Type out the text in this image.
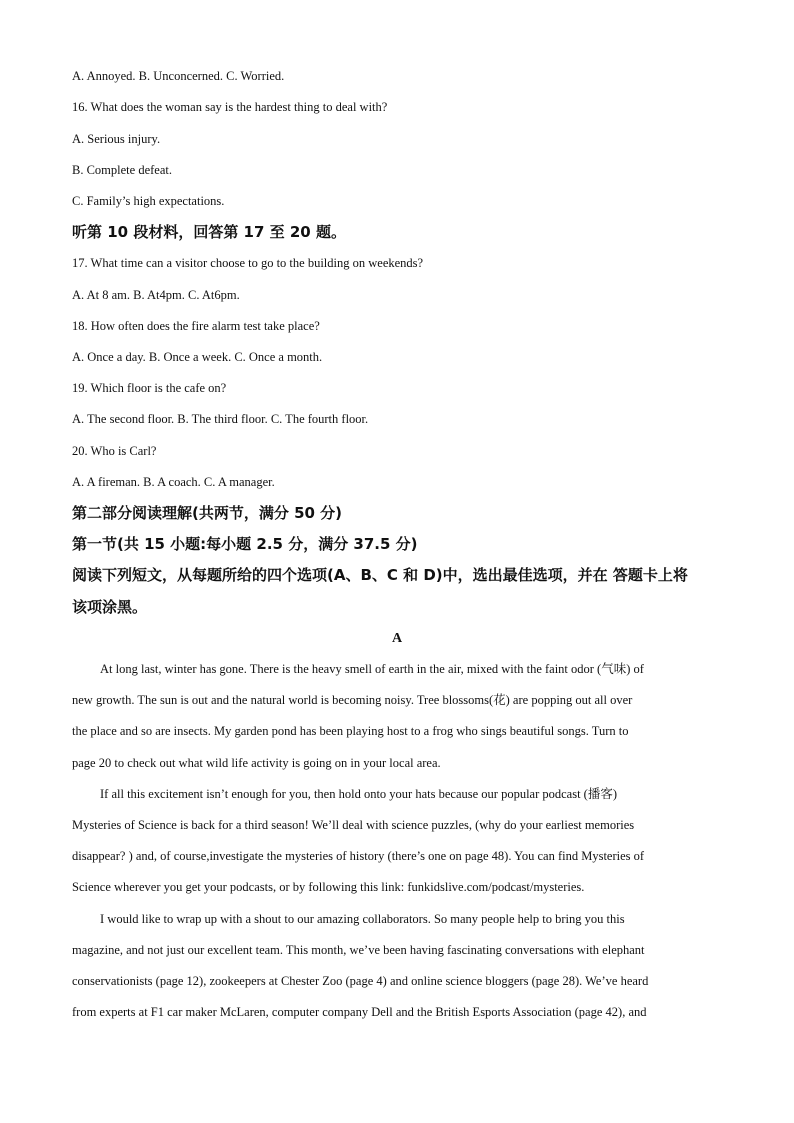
A. Annoyed. B. Unconcerned. C. Worried.
16. What does the woman say is the hardest thing to deal with?
A. Serious injury.
B. Complete defeat.
C. Family’s high expectations.
听第 10 段材料，回答第 17 至 20 题。
17. What time can a visitor choose to go to the building on weekends?
A. At 8 am. B. At4pm. C. At6pm.
18. How often does the fire alarm test take place?
A. Once a day. B. Once a week. C. Once a month.
19. Which floor is the cafe on?
A. The second floor. B. The third floor. C. The fourth floor.
20. Who is Carl?
A. A fireman. B. A coach. C. A manager.
第二部分阅读理解(共两节，满分 50 分)
第一节(共 15 小题:每小题 2.5 分，满分 37.5 分)
阅读下列短文，从每题所给的四个选项(A、B、C 和 D)中，选出最佳选项，并在 答题卡上将
该项涂黑。
A
At long last, winter has gone. There is the heavy smell of earth in the air, mixed with the faint odor (气味) of
new growth. The sun is out and the natural world is becoming noisy. Tree blossoms(花) are popping out all over
the place and so are insects. My garden pond has been playing host to a frog who sings beautiful songs. Turn to
page 20 to check out what wild life activity is going on in your local area.
If all this excitement isn’t enough for you, then hold onto your hats because our popular podcast (播客)
Mysteries of Science is back for a third season! We’ll deal with science puzzles, (why do your earliest memories
disappear? ) and, of course,investigate the mysteries of history (there’s one on page 48). You can find Mysteries of
Science wherever you get your podcasts, or by following this link: funkidslive.com/podcast/mysteries.
I would like to wrap up with a shout to our amazing collaborators. So many people help to bring you this
magazine, and not just our excellent team. This month, we’ve been having fascinating conversations with elephant
conservationists (page 12), zookeepers at Chester Zoo (page 4) and online science bloggers (page 28). We’ve heard
from experts at F1 car maker McLaren, computer company Dell and the British Esports Association (page 42), and
